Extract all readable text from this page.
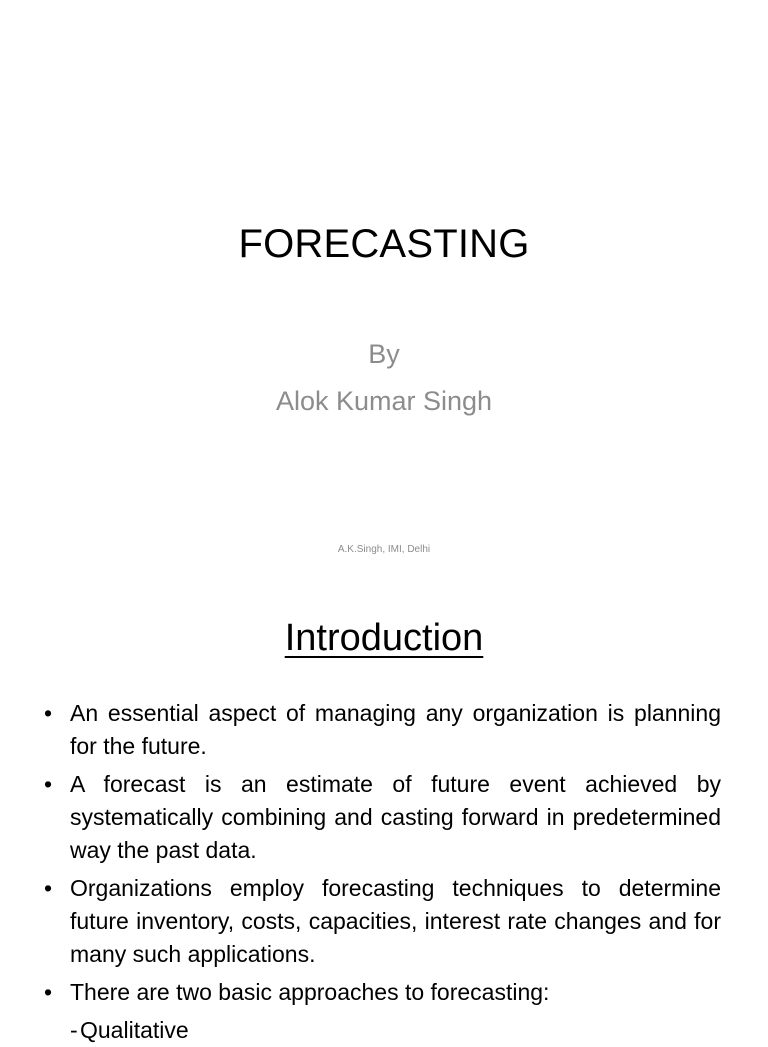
FORECASTING
By
Alok Kumar Singh
A.K.Singh, IMI, Delhi
Introduction
• An essential aspect of managing any organization is planning for the future.
• A forecast is an estimate of future event achieved by systematically combining and casting forward in predetermined way the past data.
• Organizations employ forecasting techniques to determine future inventory, costs, capacities, interest rate changes and for many such applications.
• There are two basic approaches to forecasting:
- Qualitative
